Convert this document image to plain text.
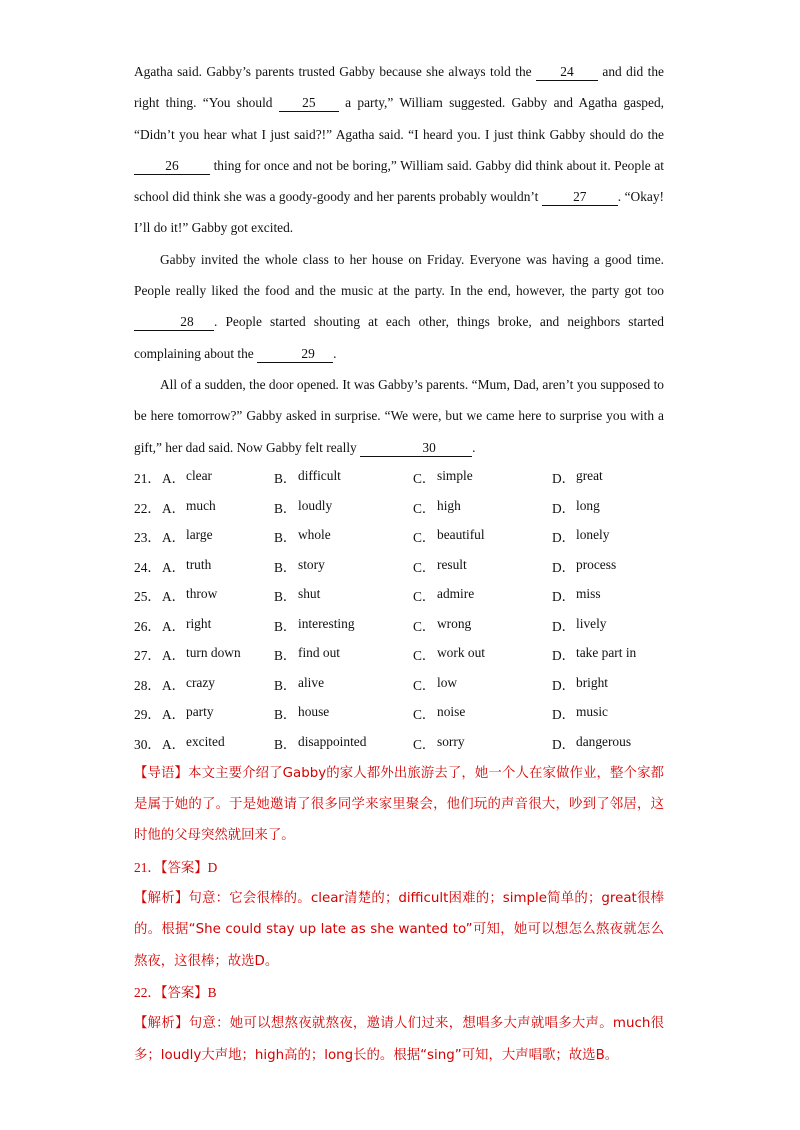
Agatha said. Gabby’s parents trusted Gabby because she always told the 24 and did the right thing. “You should 25 a party,” William suggested. Gabby and Agatha gasped, “Didn’t you hear what I just said?!” Agatha said. “I heard you. I just think Gabby should do the 26	thing for once and not be boring,” William said. Gabby did think about it. People at school did think she was a goody-goody and her parents probably wouldn’t	27 . “Okay! I’ll do it!” Gabby got excited.

Gabby invited the whole class to her house on Friday. Everyone was having a good time. People really liked the food and the music at the party. In the end, however, the party got too 28 . People started shouting at each other, things broke, and neighbors started complaining about the	29 .

All of a sudden, the door opened. It was Gabby’s parents. “Mum, Dad, aren’t you supposed to be here tomorrow?” Gabby asked in surprise. “We were, but we came here to surprise you with a gift,” her dad said. Now Gabby felt really	30	.

21． A． clear	B． difficult	C． simple	D． great
22． A． much	B． loudly	C． high	D． long
23． A． large	B． whole	C． beautiful	D． lonely
24． A． truth	B． story	C． result	D． process
25． A． throw	B． shut	C． admire	D． miss
26． A． right	B． interesting	C． wrong	D． lively
27． A． turn down B． find out	C． work out	D． take part in
28． A． crazy	B． alive	C． low	D． bright
29． A． party	B． house	C． noise	D． music
30． A． excited	B． disappointed	C． sorry	D． dangerous

【导语】本文主要介绍了Gabby的家人都外出旅游去了，她一个人在家做作业，整个家都是属于她的了。于是她邀请了很多同学来家里聚会，他们玩的声音很大，吵到了邻居，这时他的父母突然就回来了。

21．【答案】D

【解析】句意：它会很棒的。clear清楚的；difficult困难的；simple简单的；great很棒的。根据“She could stay up late as she wanted to”可知，她可以想怎么熬夜就怎么熬夜，这很棒；故选D。

22．【答案】B

【解析】句意：她可以想熬夜就熬夜，邀请人们过来，想唱多大声就唱多大声。much很多；loudly大声地；high高的；long长的。根据“sing”可知，大声唱歌；故选B。
